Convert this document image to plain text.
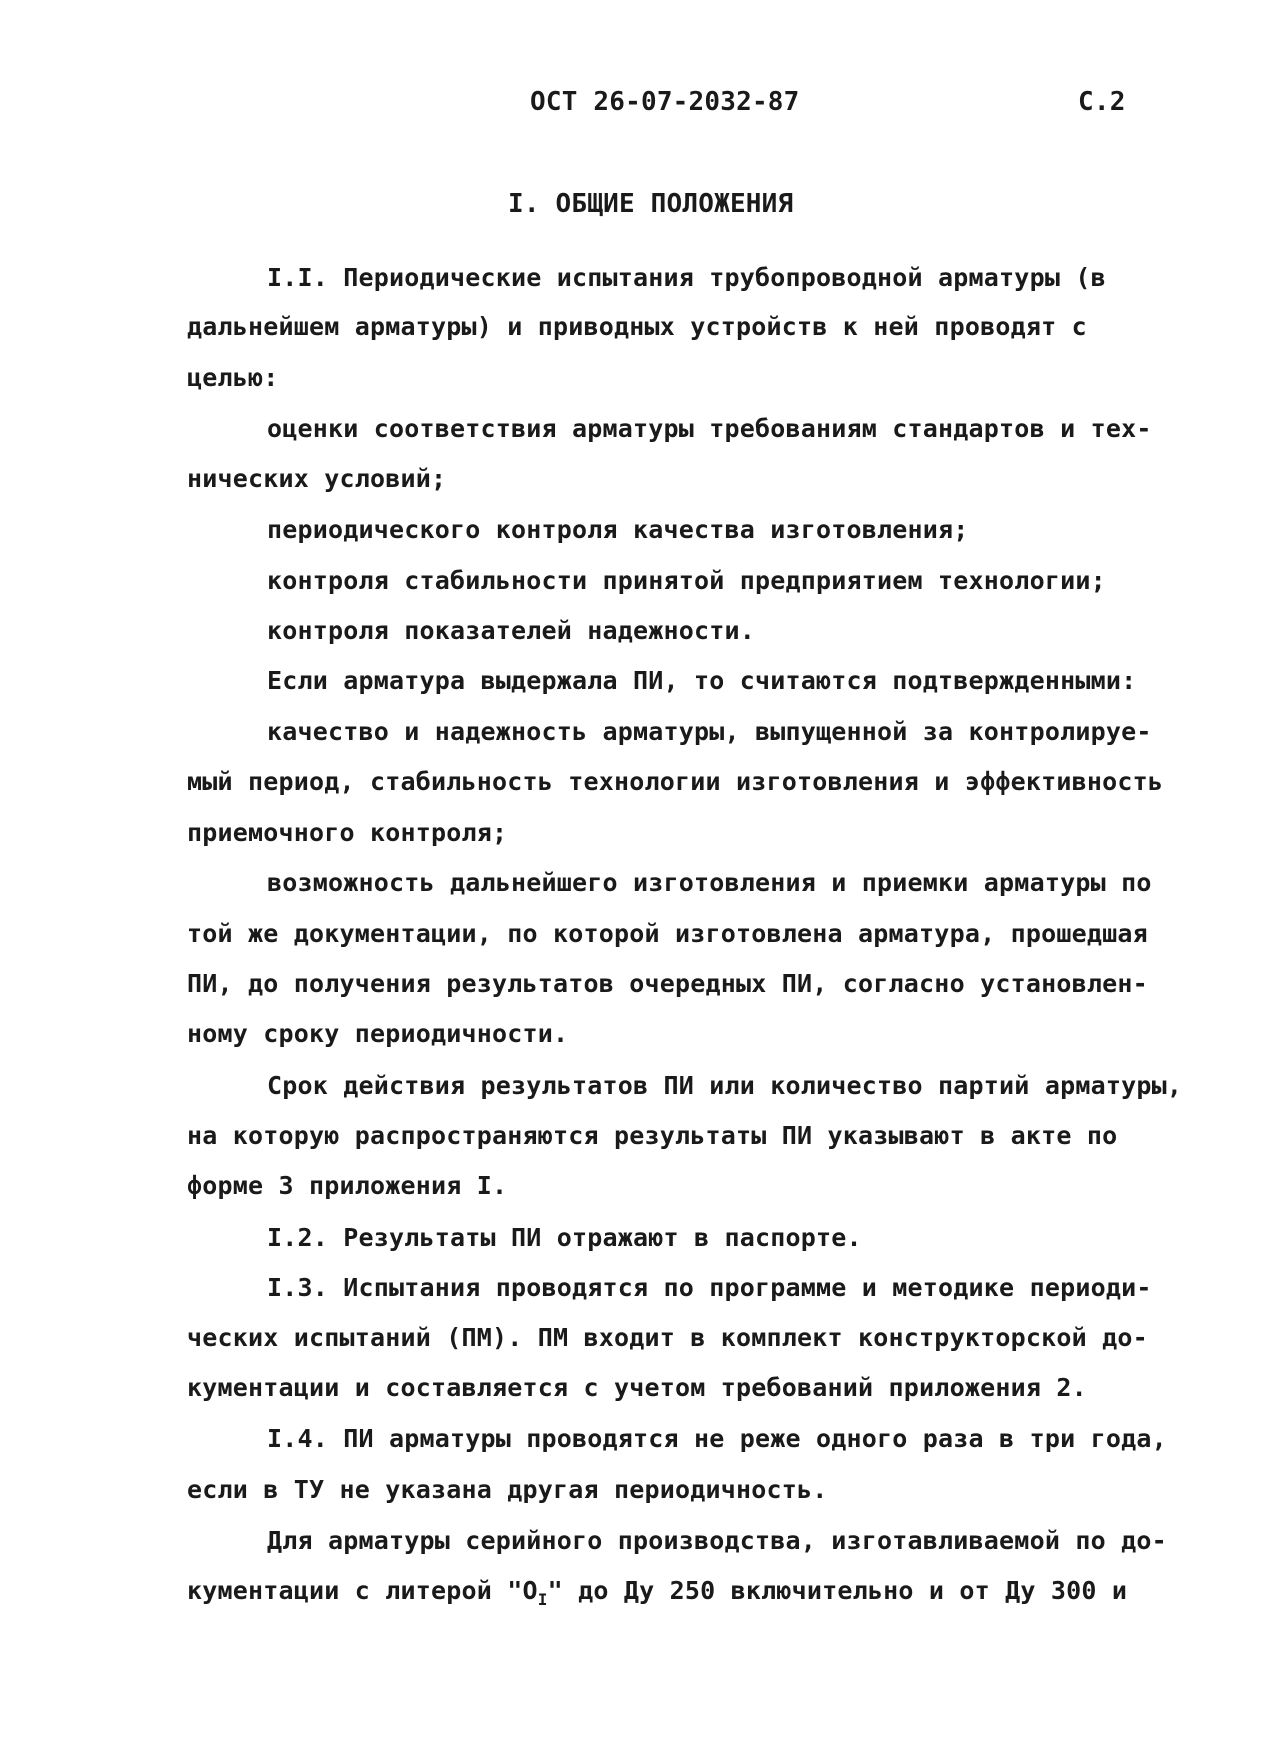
ОСТ 26-07-2032-87	С.2
I. ОБЩИЕ ПОЛОЖЕНИЯ
I.I. Периодические испытания трубопроводной арматуры (в
дальнейшем арматуры) и приводных устройств к ней проводят с
целью:
оценки соответствия арматуры требованиям стандартов и тех-
нических условий;
периодического контроля качества изготовления;
контроля стабильности принятой предприятием технологии;
контроля показателей надежности.
Если арматура выдержала ПИ, то считаются подтвержденными:
качество и надежность арматуры, выпущенной за контролируе-
мый период, стабильность технологии изготовления и эффективность
приемочного контроля;
возможность дальнейшего изготовления и приемки арматуры по
той же документации, по которой изготовлена арматура, прошедшая
ПИ, до получения результатов очередных ПИ, согласно установлен-
ному сроку периодичности.
Срок действия результатов ПИ или количество партий арматуры,
на которую распространяются результаты ПИ указывают в акте по
форме 3 приложения I.
I.2. Результаты ПИ отражают в паспорте.
I.3. Испытания проводятся по программе и методике периоди-
ческих испытаний (ПМ). ПМ входит в комплект конструкторской до-
кументации и составляется с учетом требований приложения 2.
I.4. ПИ арматуры проводятся не реже одного раза в три года,
если в ТУ не указана другая периодичность.
Для арматуры серийного производства, изготавливаемой по до-
кументации с литерой "$О_I$" до Ду 250 включительно и от Ду 300 и
